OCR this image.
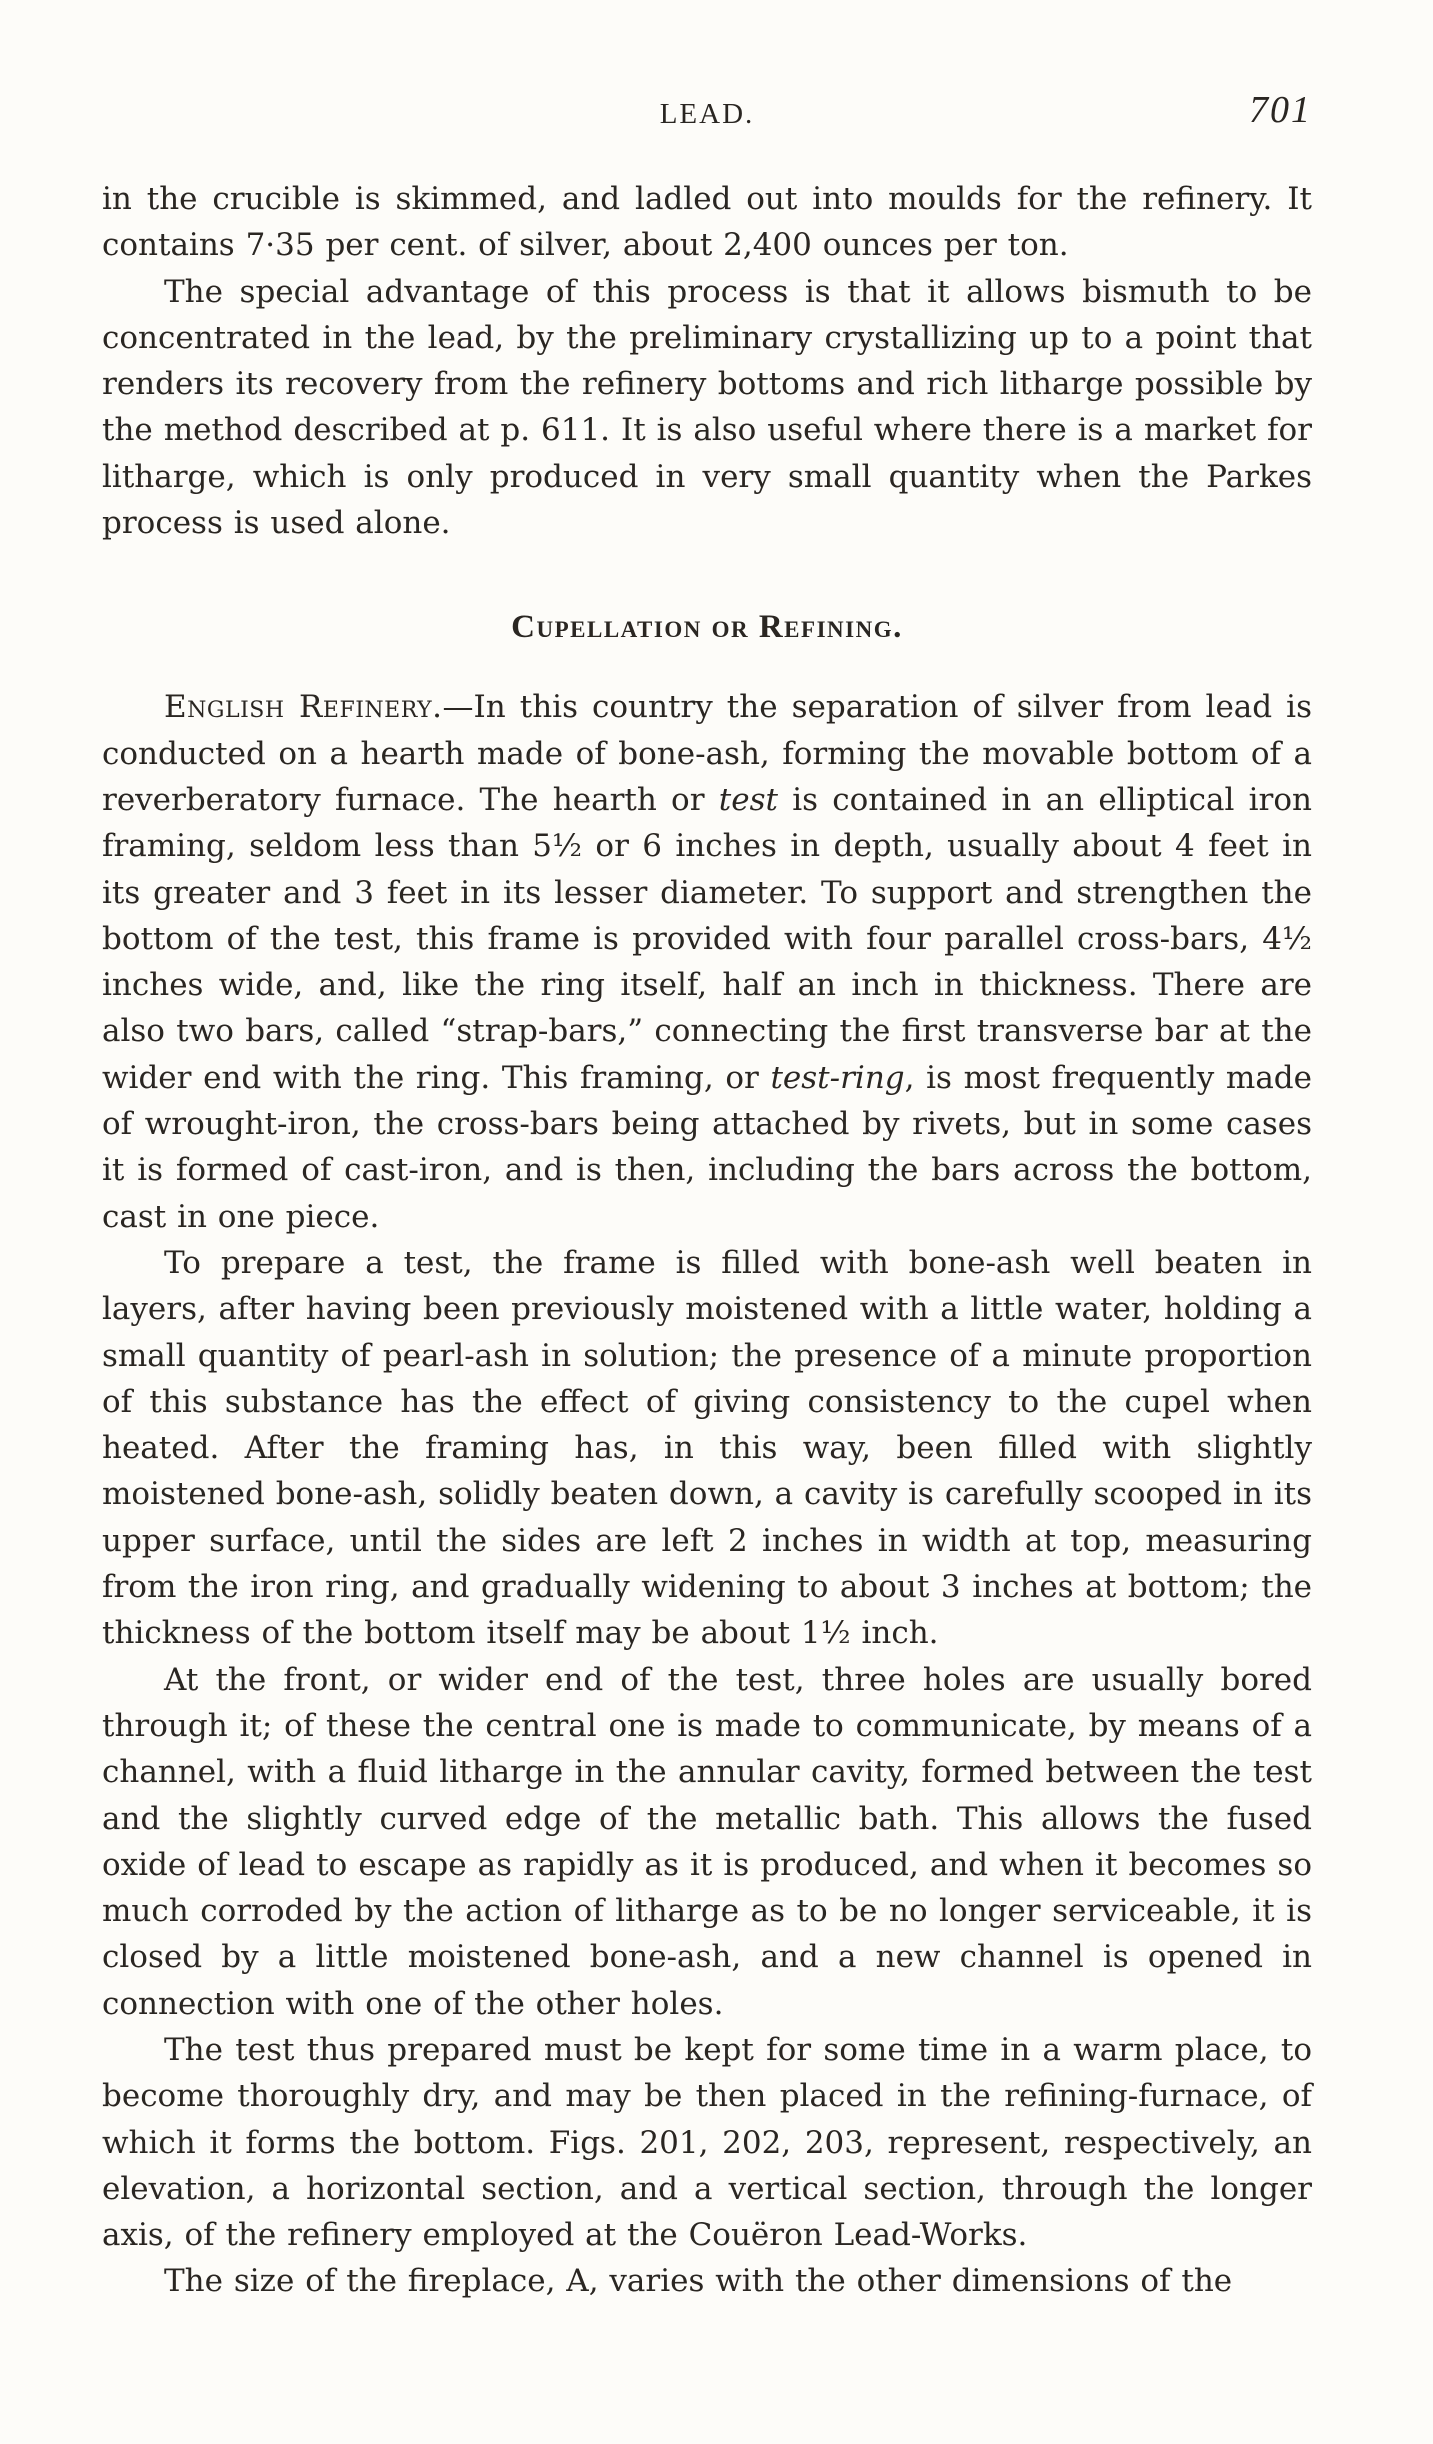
LEAD.	701

in the crucible is skimmed, and ladled out into moulds for the refinery. It contains 7·35 per cent. of silver, about 2,400 ounces per ton.

The special advantage of this process is that it allows bismuth to be concentrated in the lead, by the preliminary crystallizing up to a point that renders its recovery from the refinery bottoms and rich litharge possible by the method described at p. 611. It is also useful where there is a market for litharge, which is only produced in very small quantity when the Parkes process is used alone.

Cupellation or Refining.

English Refinery.—In this country the separation of silver from lead is conducted on a hearth made of bone-ash, forming the movable bottom of a reverberatory furnace. The hearth or test is contained in an elliptical iron framing, seldom less than 5½ or 6 inches in depth, usually about 4 feet in its greater and 3 feet in its lesser diameter. To support and strengthen the bottom of the test, this frame is provided with four parallel cross-bars, 4½ inches wide, and, like the ring itself, half an inch in thickness. There are also two bars, called “strap-bars,” connecting the first transverse bar at the wider end with the ring. This framing, or test-ring, is most frequently made of wrought-iron, the cross-bars being attached by rivets, but in some cases it is formed of cast-iron, and is then, including the bars across the bottom, cast in one piece.

To prepare a test, the frame is filled with bone-ash well beaten in layers, after having been previously moistened with a little water, holding a small quantity of pearl-ash in solution; the presence of a minute proportion of this substance has the effect of giving consistency to the cupel when heated. After the framing has, in this way, been filled with slightly moistened bone-ash, solidly beaten down, a cavity is carefully scooped in its upper surface, until the sides are left 2 inches in width at top, measuring from the iron ring, and gradually widening to about 3 inches at bottom; the thickness of the bottom itself may be about 1½ inch.

At the front, or wider end of the test, three holes are usually bored through it; of these the central one is made to communicate, by means of a channel, with a fluid litharge in the annular cavity, formed between the test and the slightly curved edge of the metallic bath. This allows the fused oxide of lead to escape as rapidly as it is produced, and when it becomes so much corroded by the action of litharge as to be no longer serviceable, it is closed by a little moistened bone-ash, and a new channel is opened in connection with one of the other holes.

The test thus prepared must be kept for some time in a warm place, to become thoroughly dry, and may be then placed in the refining-furnace, of which it forms the bottom. Figs. 201, 202, 203, represent, respectively, an elevation, a horizontal section, and a vertical section, through the longer axis, of the refinery employed at the Couëron Lead-Works.

The size of the fireplace, A, varies with the other dimensions of the
